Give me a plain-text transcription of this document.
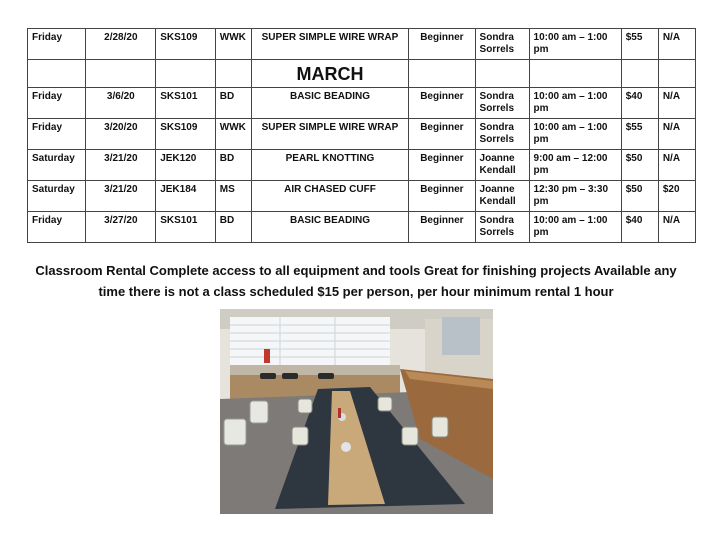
Friday	2/28/20	SKS109	WWK	SUPER SIMPLE WIRE WRAP	Beginner	Sondra Sorrels	10:00 am – 1:00 pm	$55	N/A
				MARCH					
Friday	3/6/20	SKS101	BD	BASIC BEADING	Beginner	Sondra Sorrels	10:00 am – 1:00 pm	$40	N/A
Friday	3/20/20	SKS109	WWK	SUPER SIMPLE WIRE WRAP	Beginner	Sondra Sorrels	10:00 am – 1:00 pm	$55	N/A
Saturday	3/21/20	JEK120	BD	PEARL KNOTTING	Beginner	Joanne Kendall	9:00 am – 12:00 pm	$50	N/A
Saturday	3/21/20	JEK184	MS	AIR CHASED CUFF	Beginner	Joanne Kendall	12:30 pm – 3:30 pm	$50	$20
Friday	3/27/20	SKS101	BD	BASIC BEADING	Beginner	Sondra Sorrels	10:00 am – 1:00 pm	$40	N/A
Classroom Rental Complete access to all equipment and tools Great for finishing projects Available any
time there is not a class scheduled $15 per person, per hour minimum rental 1 hour
